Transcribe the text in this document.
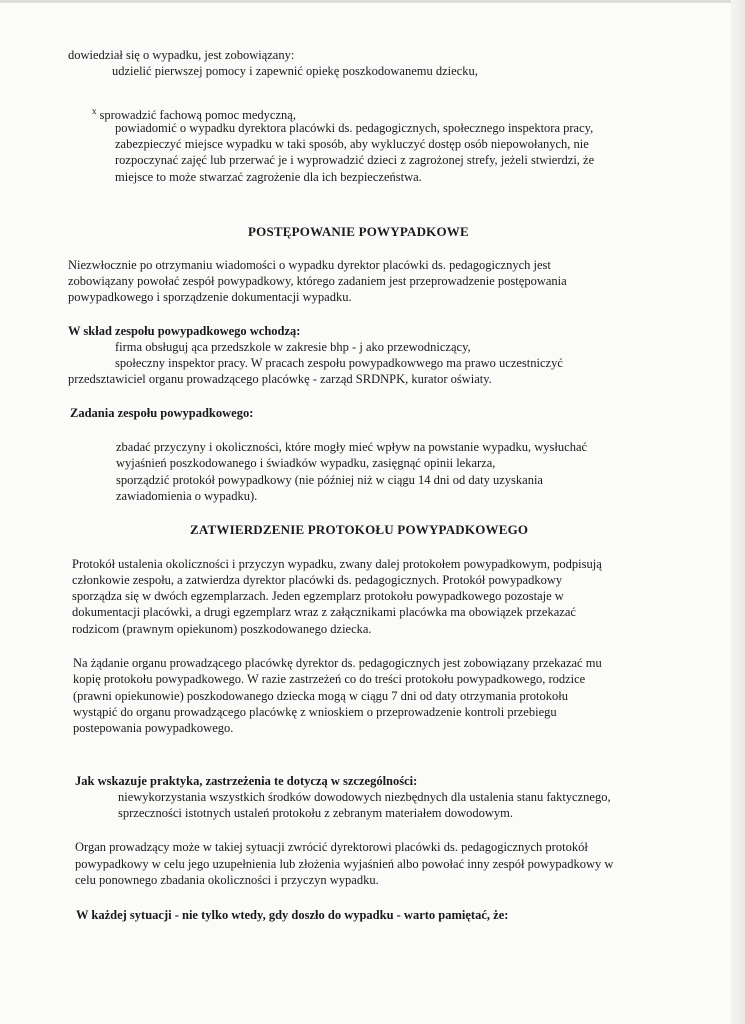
dowiedział się o wypadku, jest zobowiązany:
udzielić pierwszej pomocy i zapewnić opiekę poszkodowanemu dziecku,
$^x$ sprowadzić fachową pomoc medyczną,
powiadomić o wypadku dyrektora placówki ds. pedagogicznych, społecznego inspektora pracy,
zabezpieczyć miejsce wypadku w taki sposób, aby wykluczyć dostęp osób niepowołanych, nie
rozpoczynać zajęć lub przerwać je i wyprowadzić dzieci z zagrożonej strefy, jeżeli stwierdzi, że
miejsce to może stwarzać zagrożenie dla ich bezpieczeństwa.
POSTĘPOWANIE POWYPADKOWE
Niezwłocznie po otrzymaniu wiadomości o wypadku dyrektor placówki ds. pedagogicznych jest
zobowiązany powołać zespół powypadkowy, którego zadaniem jest przeprowadzenie postępowania
powypadkowego i sporządzenie dokumentacji wypadku.
W skład zespołu powypadkowego wchodzą:
firma obsługuj ąca przedszkole w zakresie bhp - j ako przewodniczący,
społeczny inspektor pracy. W pracach zespołu powypadkowwego ma prawo uczestniczyć
przedsztawiciel organu prowadzącego placówkę - zarząd SRDNPK, kurator oświaty.
Zadania zespołu powypadkowego:
zbadać przyczyny i okoliczności, które mogły mieć wpływ na powstanie wypadku, wysłuchać
wyjaśnień poszkodowanego i świadków wypadku, zasięgnąć opinii lekarza,
sporządzić protokół powypadkowy (nie później niż w ciągu 14 dni od daty uzyskania
zawiadomienia o wypadku).
ZATWIERDZENIE PROTOKOŁU POWYPADKOWEGO
Protokół ustalenia okoliczności i przyczyn wypadku, zwany dalej protokołem powypadkowym, podpisują
członkowie zespołu, a zatwierdza dyrektor placówki ds. pedagogicznych. Protokół powypadkowy
sporządza się w dwóch egzemplarzach. Jeden egzemplarz protokołu powypadkowego pozostaje w
dokumentacji placówki, a drugi egzemplarz wraz z załącznikami placówka ma obowiązek przekazać
rodzicom (prawnym opiekunom) poszkodowanego dziecka.
Na żądanie organu prowadzącego placówkę dyrektor ds. pedagogicznych jest zobowiązany przekazać mu
kopię protokołu powypadkowego. W razie zastrzeżeń co do treści protokołu powypadkowego, rodzice
(prawni opiekunowie) poszkodowanego dziecka mogą w ciągu 7 dni od daty otrzymania protokołu
wystąpić do organu prowadzącego placówkę z wnioskiem o przeprowadzenie kontroli przebiegu
postepowania powypadkowego.
Jak wskazuje praktyka, zastrzeżenia te dotyczą w szczególności:
niewykorzystania wszystkich środków dowodowych niezbędnych dla ustalenia stanu faktycznego,
sprzeczności istotnych ustaleń protokołu z zebranym materiałem dowodowym.
Organ prowadzący może w takiej sytuacji zwrócić dyrektorowi placówki ds. pedagogicznych protokół
powypadkowy w celu jego uzupełnienia lub złożenia wyjaśnień albo powołać inny zespół powypadkowy w
celu ponownego zbadania okoliczności i przyczyn wypadku.
W każdej sytuacji - nie tylko wtedy, gdy doszło do wypadku - warto pamiętać, że:
